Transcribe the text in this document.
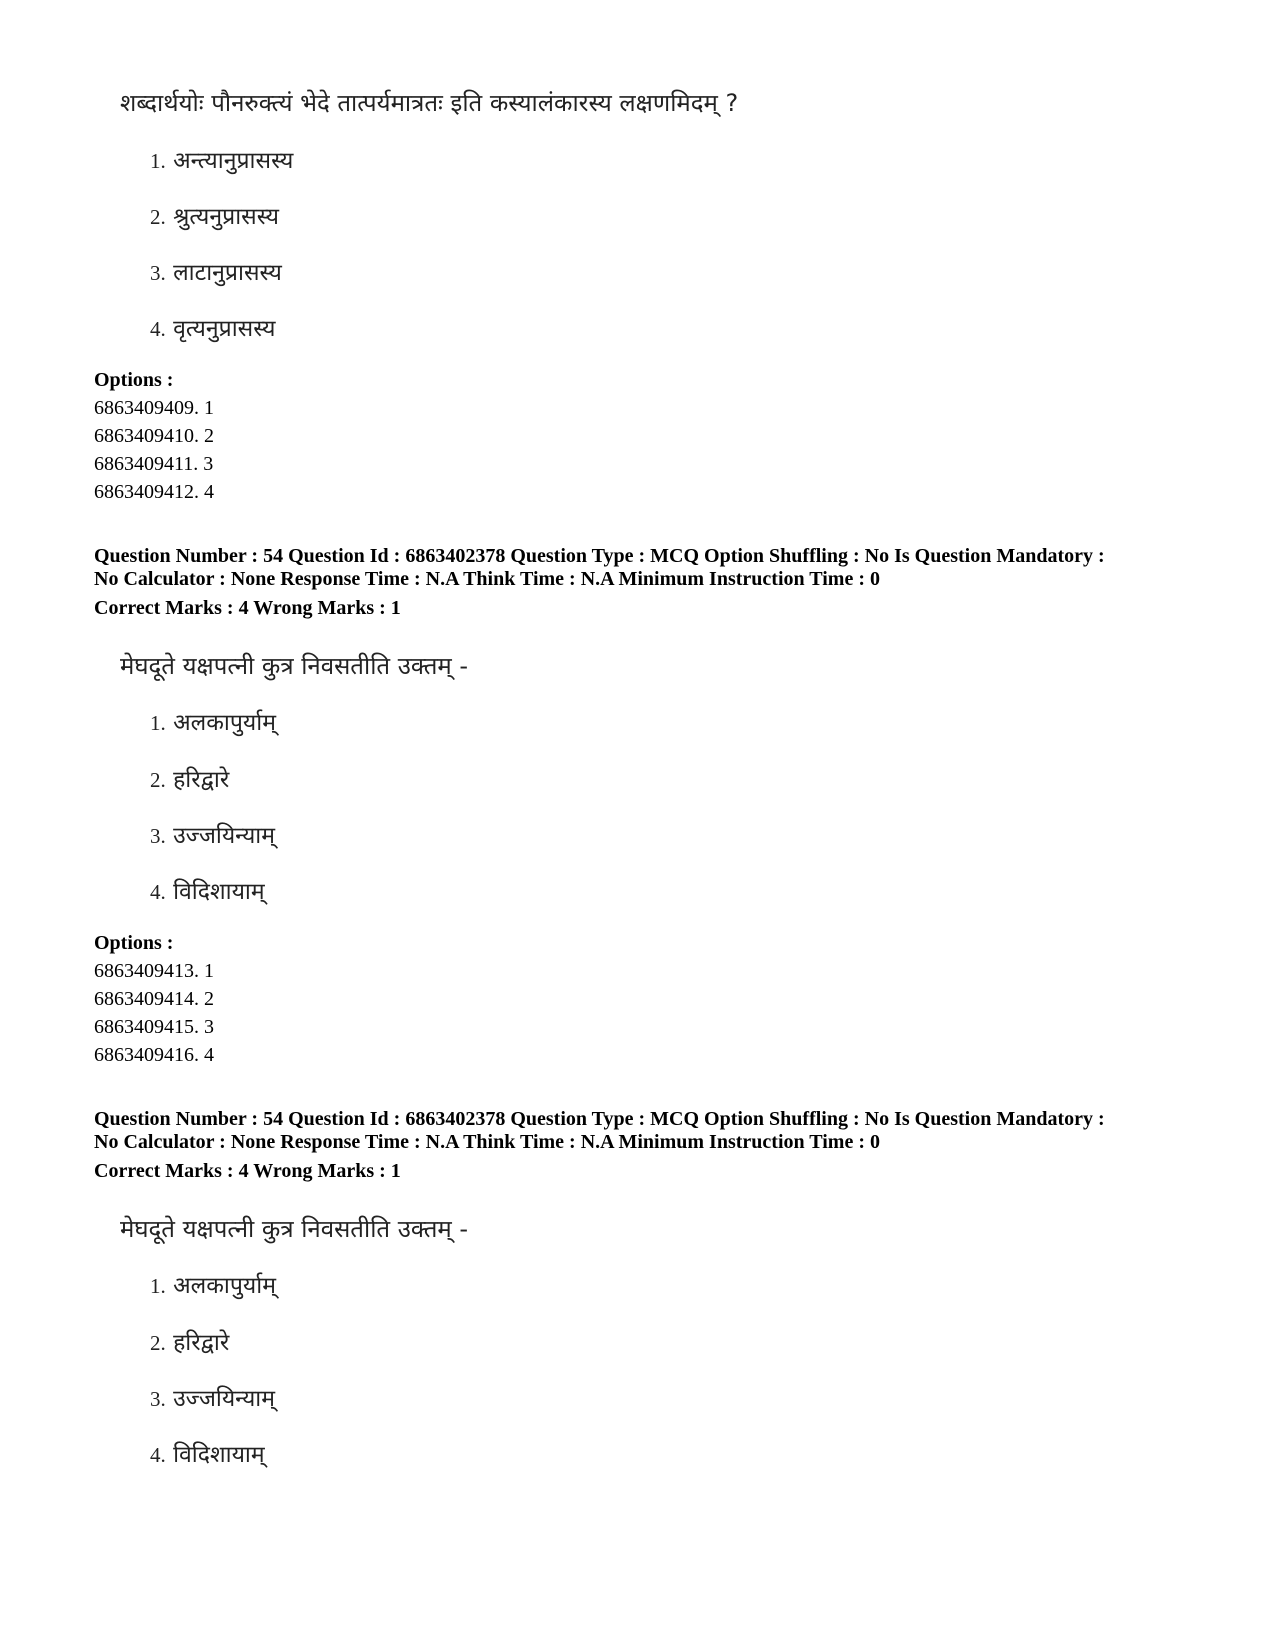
शब्दार्थयोः पौनरुक्त्यं भेदे तात्पर्यमात्रतः इति कस्यालंकारस्य लक्षणमिदम् ?
1. अन्त्यानुप्रासस्य
2. श्रुत्यनुप्रासस्य
3. लाटानुप्रासस्य
4. वृत्यनुप्रासस्य
Options :
6863409409. 1
6863409410. 2
6863409411. 3
6863409412. 4
Question Number : 54 Question Id : 6863402378 Question Type : MCQ Option Shuffling : No Is Question Mandatory :
No Calculator : None Response Time : N.A Think Time : N.A Minimum Instruction Time : 0
Correct Marks : 4 Wrong Marks : 1
मेघदूते यक्षपत्नी कुत्र निवसतीति उक्तम् -
1. अलकापुर्याम्
2. हरिद्वारे
3. उज्जयिन्याम्
4. विदिशायाम्
Options :
6863409413. 1
6863409414. 2
6863409415. 3
6863409416. 4
Question Number : 54 Question Id : 6863402378 Question Type : MCQ Option Shuffling : No Is Question Mandatory :
No Calculator : None Response Time : N.A Think Time : N.A Minimum Instruction Time : 0
Correct Marks : 4 Wrong Marks : 1
मेघदूते यक्षपत्नी कुत्र निवसतीति उक्तम् -
1. अलकापुर्याम्
2. हरिद्वारे
3. उज्जयिन्याम्
4. विदिशायाम्
